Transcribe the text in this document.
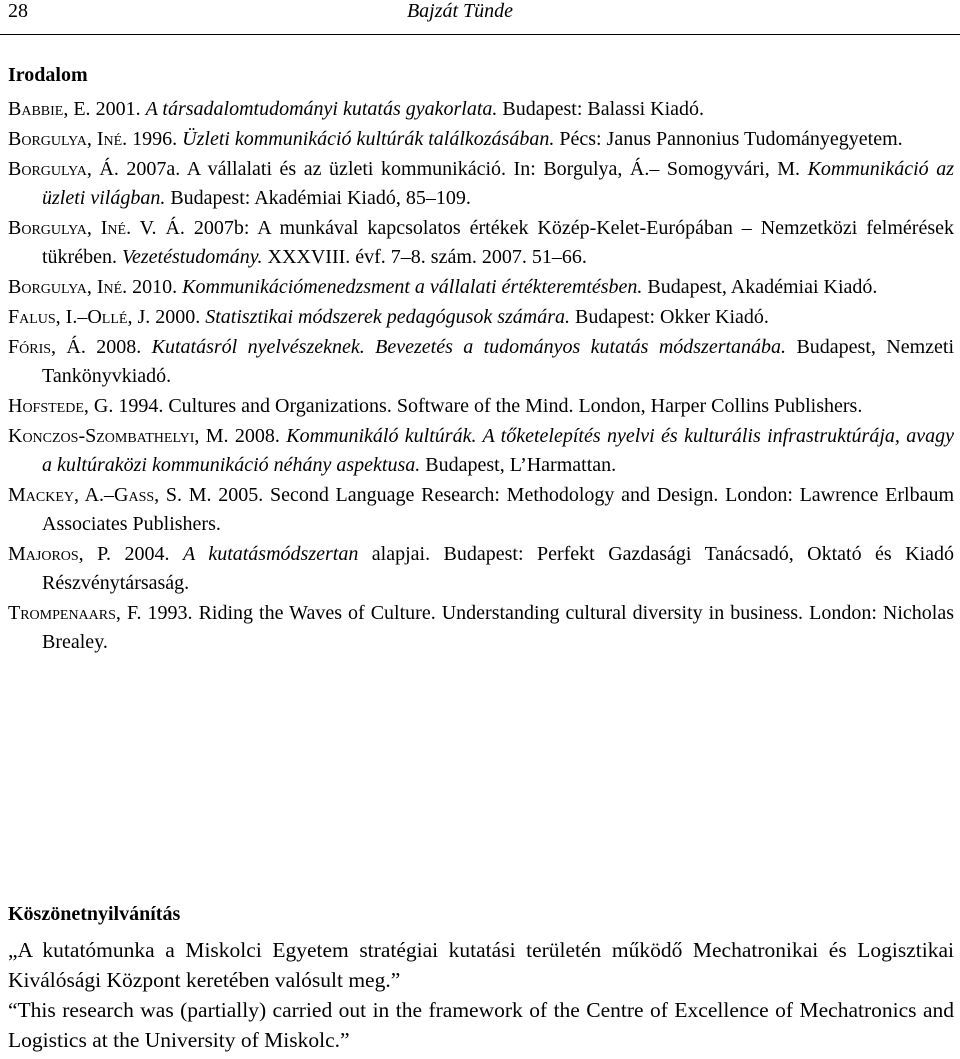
28	Bajzát Tünde
Irodalom
Babbie, E. 2001. A társadalomtudományi kutatás gyakorlata. Budapest: Balassi Kiadó.
Borgulya, Iné. 1996. Üzleti kommunikáció kultúrák találkozásában. Pécs: Janus Pannonius Tudományegyetem.
Borgulya, Á. 2007a. A vállalati és az üzleti kommunikáció. In: Borgulya, Á.– Somogyvári, M. Kommunikáció az üzleti világban. Budapest: Akadémiai Kiadó, 85–109.
Borgulya, Iné. V. Á. 2007b: A munkával kapcsolatos értékek Közép-Kelet-Európában – Nemzetközi felmérések tükrében. Vezetéstudomány. XXXVIII. évf. 7–8. szám. 2007. 51–66.
Borgulya, Iné. 2010. Kommunikációmenedzsment a vállalati értékteremtésben. Budapest, Akadémiai Kiadó.
Falus, I.–Ollé, J. 2000. Statisztikai módszerek pedagógusok számára. Budapest: Okker Kiadó.
Fóris, Á. 2008. Kutatásról nyelvészeknek. Bevezetés a tudományos kutatás módszertanába. Budapest, Nemzeti Tankönyvkiadó.
Hofstede, G. 1994. Cultures and Organizations. Software of the Mind. London, Harper Collins Publishers.
Konczos-Szombathelyi, M. 2008. Kommunikáló kultúrák. A tőketelepítés nyelvi és kulturális infrastruktúrája, avagy a kultúraközi kommunikáció néhány aspektusa. Budapest, L’Harmattan.
Mackey, A.–Gass, S. M. 2005. Second Language Research: Methodology and Design. London: Lawrence Erlbaum Associates Publishers.
Majoros, P. 2004. A kutatásmódszertan alapjai. Budapest: Perfekt Gazdasági Tanácsadó, Oktató és Kiadó Részvénytársaság.
Trompenaars, F. 1993. Riding the Waves of Culture. Understanding cultural diversity in business. London: Nicholas Brealey.
Köszönetnyilvánítás

„A kutatómunka a Miskolci Egyetem stratégiai kutatási területén működő Mechatronikai és Logisztikai Kiválósági Központ keretében valósult meg.”

“This research was (partially) carried out in the framework of the Centre of Excellence of Mechatronics and Logistics at the University of Miskolc.”
